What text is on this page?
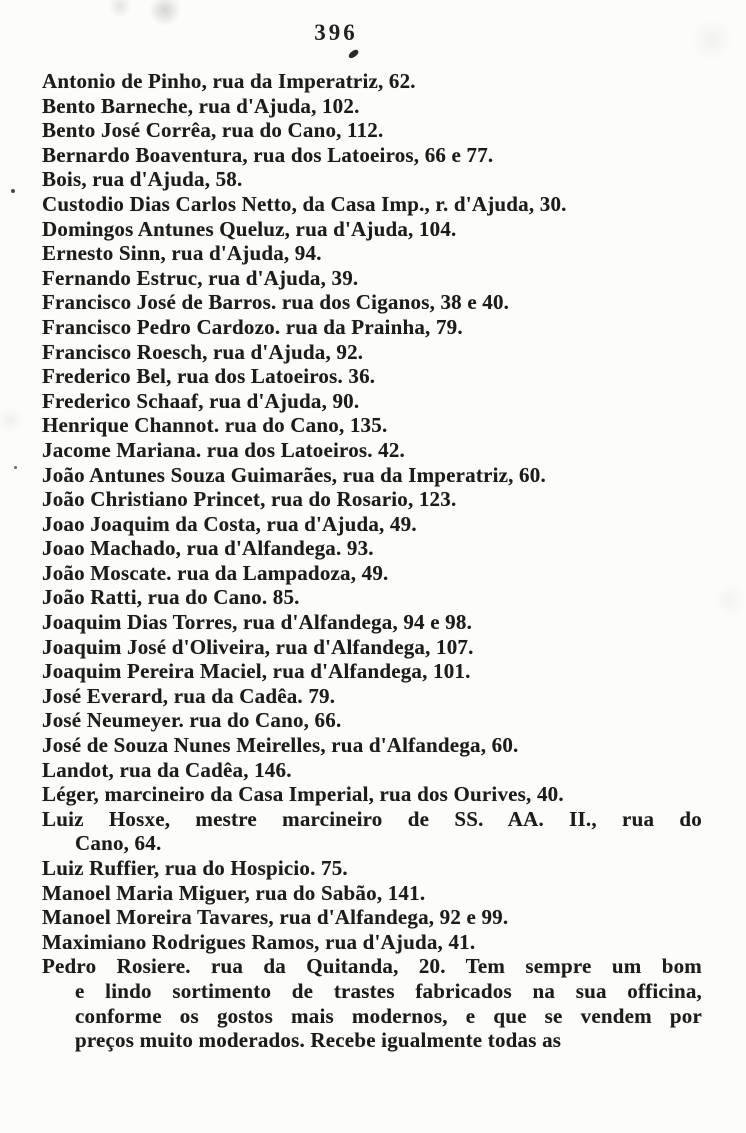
396
Antonio de Pinho, rua da Imperatriz, 62.
Bento Barneche, rua d'Ajuda, 102.
Bento José Corrêa, rua do Cano, 112.
Bernardo Boaventura, rua dos Latoeiros, 66 e 77.
Bois, rua d'Ajuda, 58.
Custodio Dias Carlos Netto, da Casa Imp., r. d'Ajuda, 30.
Domingos Antunes Queluz, rua d'Ajuda, 104.
Ernesto Sinn, rua d'Ajuda, 94.
Fernando Estruc, rua d'Ajuda, 39.
Francisco José de Barros. rua dos Ciganos, 38 e 40.
Francisco Pedro Cardozo. rua da Prainha, 79.
Francisco Roesch, rua d'Ajuda, 92.
Frederico Bel, rua dos Latoeiros. 36.
Frederico Schaaf, rua d'Ajuda, 90.
Henrique Channot. rua do Cano, 135.
Jacome Mariana. rua dos Latoeiros. 42.
João Antunes Souza Guimarães, rua da Imperatriz, 60.
João Christiano Princet, rua do Rosario, 123.
Joao Joaquim da Costa, rua d'Ajuda, 49.
Joao Machado, rua d'Alfandega. 93.
João Moscate. rua da Lampadoza, 49.
João Ratti, rua do Cano. 85.
Joaquim Dias Torres, rua d'Alfandega, 94 e 98.
Joaquim José d'Oliveira, rua d'Alfandega, 107.
Joaquim Pereira Maciel, rua d'Alfandega, 101.
José Everard, rua da Cadêa. 79.
José Neumeyer. rua do Cano, 66.
José de Souza Nunes Meirelles, rua d'Alfandega, 60.
Landot, rua da Cadêa, 146.
Léger, marcineiro da Casa Imperial, rua dos Ourives, 40.
Luiz Hosxe, mestre marcineiro de SS. AA. II., rua do
Cano, 64.
Luiz Ruffier, rua do Hospicio. 75.
Manoel Maria Miguer, rua do Sabão, 141.
Manoel Moreira Tavares, rua d'Alfandega, 92 e 99.
Maximiano Rodrigues Ramos, rua d'Ajuda, 41.
Pedro Rosiere. rua da Quitanda, 20. Tem sempre um bom
e lindo sortimento de trastes fabricados na sua officina,
conforme os gostos mais modernos, e que se vendem por
preços muito moderados. Recebe igualmente todas as
